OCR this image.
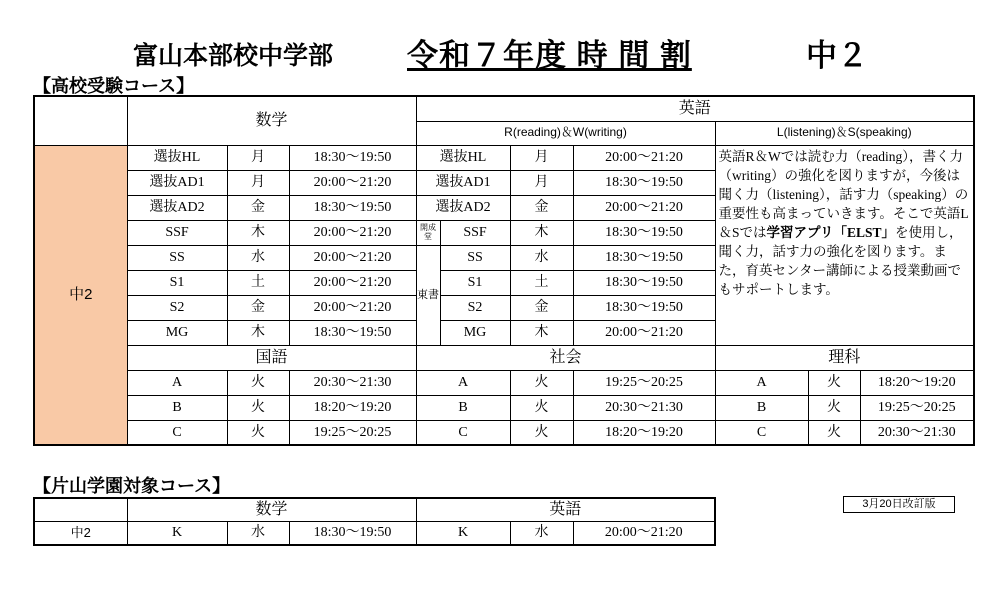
富山本部校中学部 令和７年度 時 間 割	中２
【高校受験コース】
	数学			英語						
				R(reading)＆W(writing)				L(listening)＆S(speaking)		
中2	選抜HL	月	18:30～19:50	選抜HL		月	20:00～21:20	英語R＆Wでは読む力（reading），書く力（writing）の強化を図りますが，今後は聞く力（listening），話す力（speaking）の重要性も高まっていきます。そこで英語L＆Sでは学習アプリ「ELST」を使用し，聞く力，話す力の強化を図ります。また，育英センター講師による授業動画でもサポートします。		
	選抜AD1	月	20:00～21:20	選抜AD1		月	18:30～19:50			
	選抜AD2	金	18:30～19:50	選抜AD2		金	20:00～21:20			
	SSF	木	20:00～21:20	開成堂	SSF	木	18:30～19:50			
	SS	水	20:00～21:20	東書	SS	水	18:30～19:50			
	S1	土	20:00～21:20		S1	土	18:30～19:50			
	S2	金	20:00～21:20		S2	金	18:30～19:50			
	MG	木	18:30～19:50		MG	木	20:00～21:20			
	国語			社会				理科		
	A	火	20:30～21:30	A		火	19:25～20:25	A	火	18:20～19:20
	B	火	18:20～19:20	B		火	20:30～21:30	B	火	19:25～20:25
	C	火	19:25～20:25	C		火	18:20～19:20	C	火	20:30～21:30
【片山学園対象コース】
	数学			英語		
中2	K	水	18:30～19:50	K	水	20:00～21:20
3月20日改訂版
